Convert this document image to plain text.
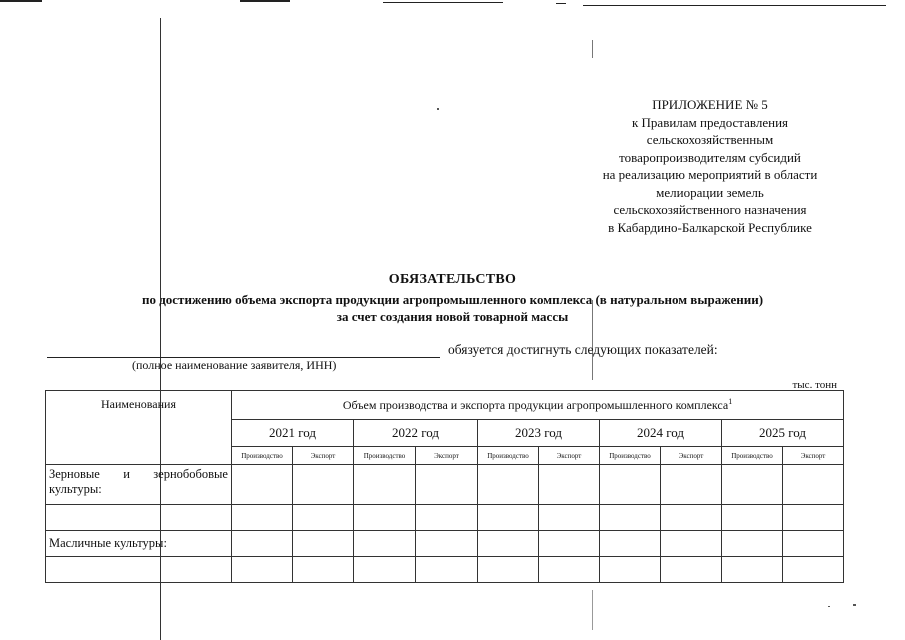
ПРИЛОЖЕНИЕ № 5
к Правилам предоставления
сельскохозяйственным
товаропроизводителям субсидий
на реализацию мероприятий в области
мелиорации земель
сельскохозяйственного назначения
в Кабардино-Балкарской Республике
ОБЯЗАТЕЛЬСТВО
по достижению объема экспорта продукции агропромышленного комплекса (в натуральном выражении)
за счет создания новой товарной массы
обязуется достигнуть следующих показателей:
(полное наименование заявителя, ИНН)
тыс. тонн
Наименования	Объем производства и экспорта продукции агропромышленного комплекса$^1$
	2021 год		2022 год		2023 год		2024 год		2025 год	
	Производство	Экспорт	Производство	Экспорт	Производство	Экспорт	Производство	Экспорт	Производство	Экспорт
Зерновые и зернобобовые культуры:										

Масличные культуры:										
